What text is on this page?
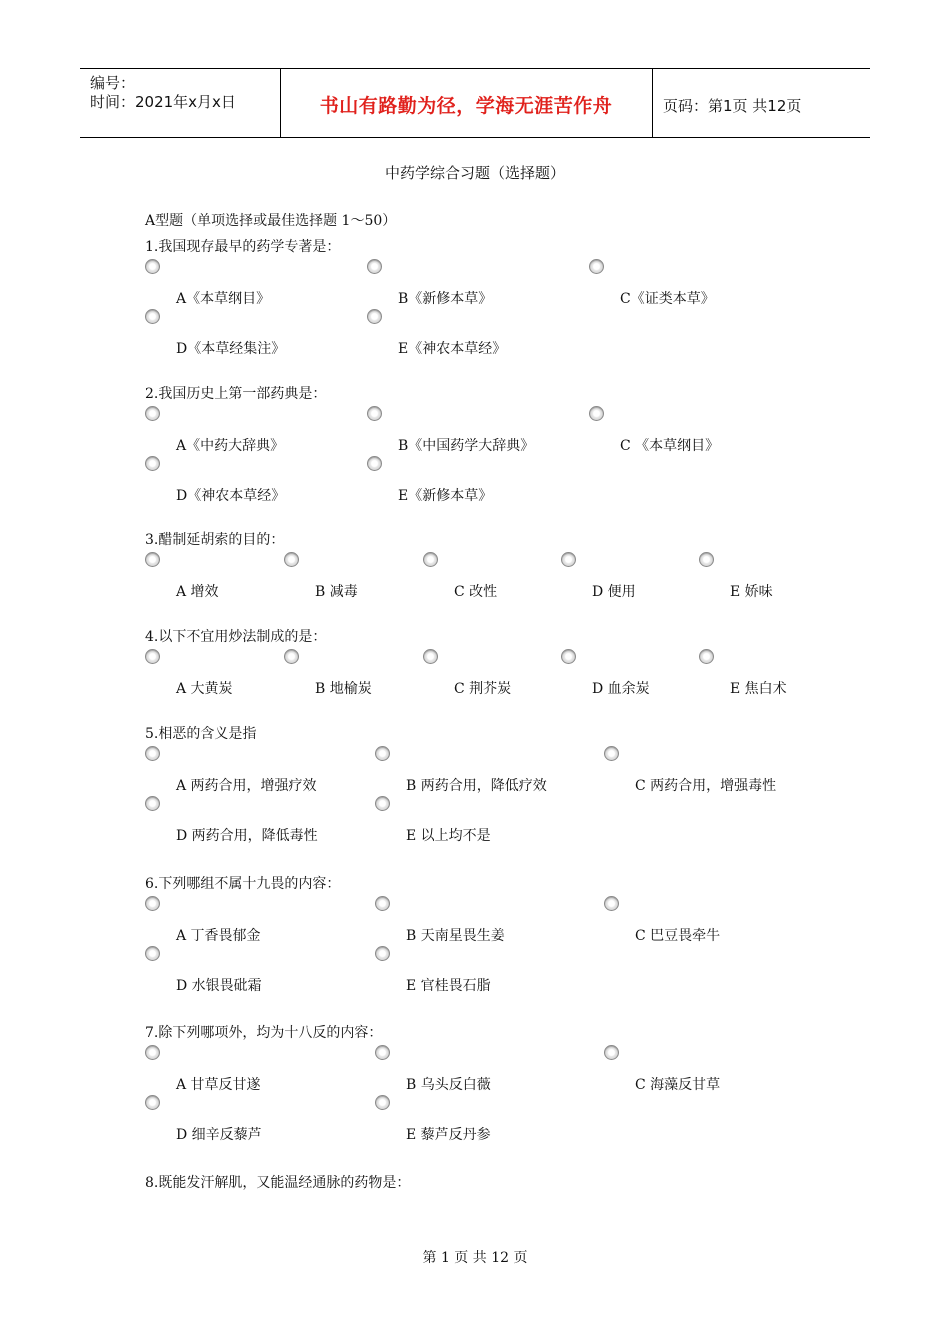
编号：
时间：2021年x月x日	书山有路勤为径，学海无涯苦作舟	页码：第1页 共12页
中药学综合习题（选择题）
A型题（单项选择或最佳选择题 1～50）
1.我国现存最早的药学专著是：
A《本草纲目》	B《新修本草》	C《证类本草》
D《本草经集注》	E《神农本草经》
2.我国历史上第一部药典是：
A《中药大辞典》	B《中国药学大辞典》	C 《本草纲目》
D《神农本草经》	E《新修本草》
3.醋制延胡索的目的：
A 增效	B 减毒	C 改性	D 便用	E 娇味
4.以下不宜用炒法制成的是：
A 大黄炭	B 地榆炭	C 荆芥炭	D 血余炭	E 焦白术
5.相恶的含义是指
A 两药合用，增强疗效	B 两药合用，降低疗效	C 两药合用，增强毒性
D 两药合用，降低毒性	E 以上均不是
6.下列哪组不属十九畏的内容：
A 丁香畏郁金	B 天南星畏生姜	C 巴豆畏牵牛
D 水银畏砒霜	E 官桂畏石脂
7.除下列哪项外，均为十八反的内容：
A 甘草反甘遂	B 乌头反白薇	C 海藻反甘草
D 细辛反藜芦	E 藜芦反丹参
8.既能发汗解肌，又能温经通脉的药物是：
第 1 页 共 12 页
